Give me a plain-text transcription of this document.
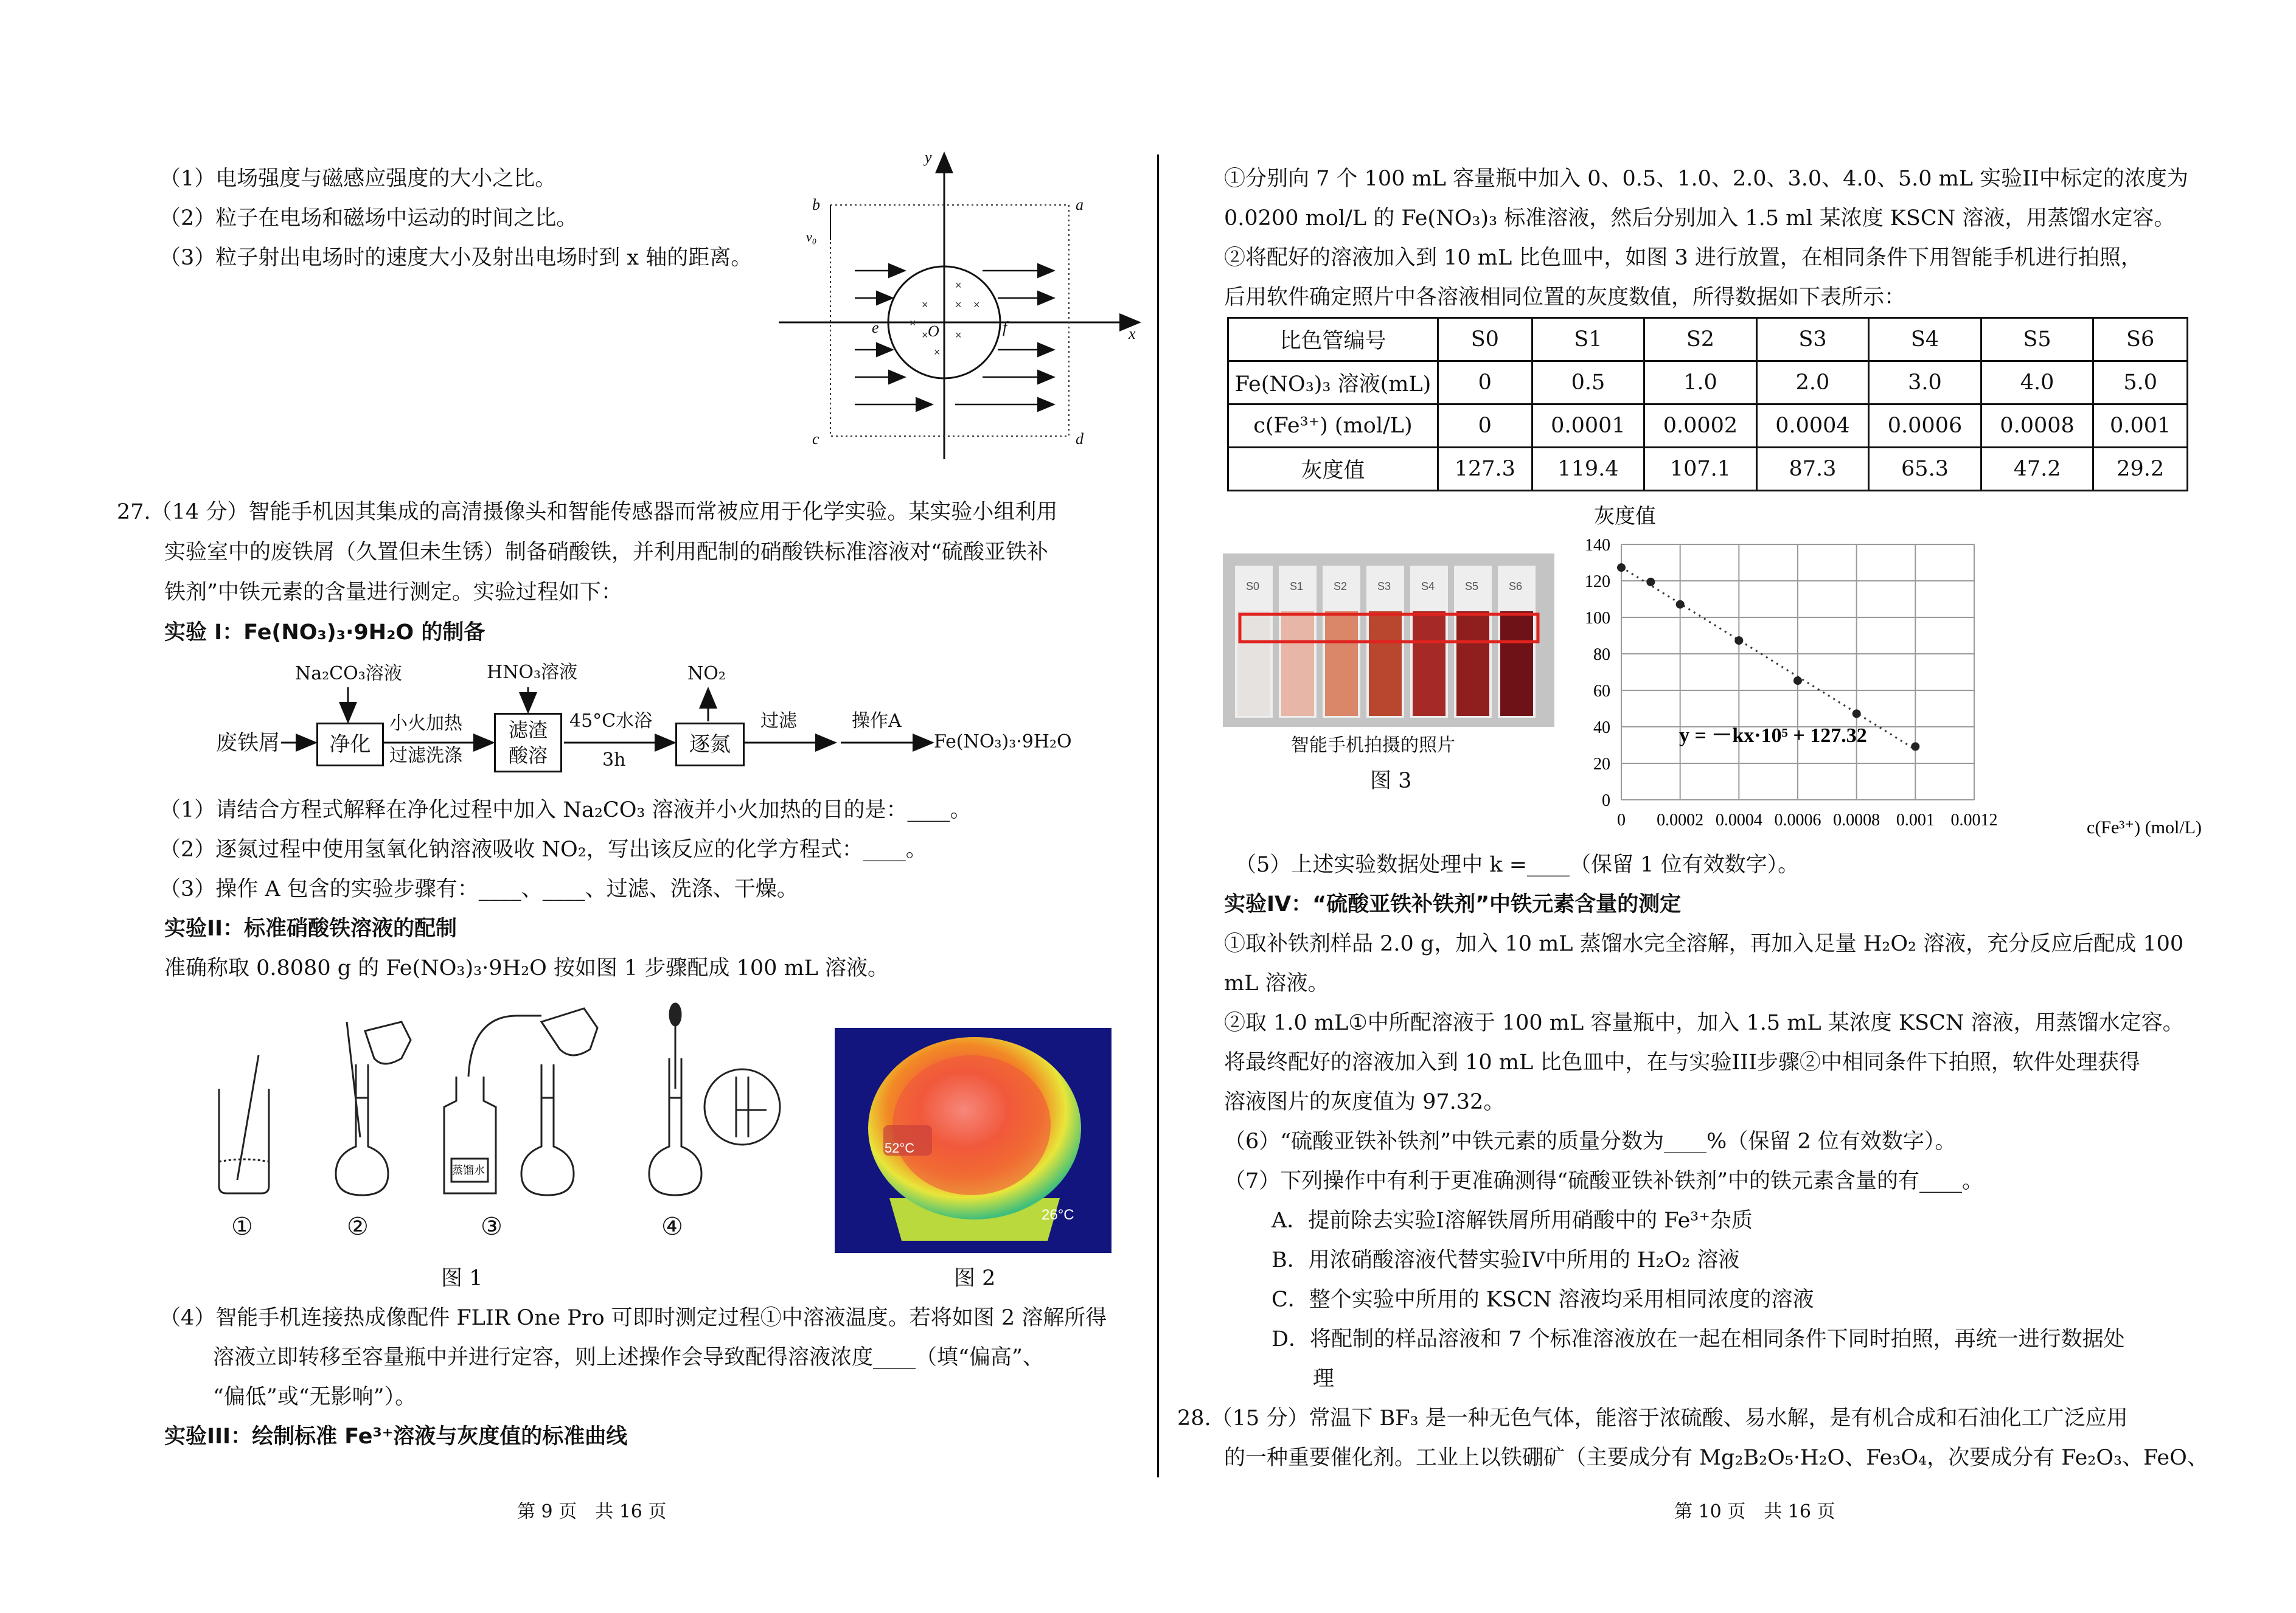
（1）电场强度与磁感应强度的大小之比。
（2）粒子在电场和磁场中运动的时间之比。
（3）粒子射出电场时的速度大小及射出电场时到 x 轴的距离。
×
× × ×
×
× ×
×
y
x
a
b
c	d
e	f
O
v₀
27.（14 分）智能手机因其集成的高清摄像头和智能传感器而常被应用于化学实验。某实验小组利用
实验室中的废铁屑（久置但未生锈）制备硝酸铁，并利用配制的硝酸铁标准溶液对“硫酸亚铁补
铁剂”中铁元素的含量进行测定。实验过程如下：
实验 I：Fe(NO₃)₃·9H₂O 的制备
废铁屑	净化
Na₂CO₃溶液
小火加热
过滤洗涤
滤渣酸溶
HNO₃溶液
45°C水浴
3h
逐氮
NO₂
过滤	操作A
Fe(NO₃)₃·9H₂O
（1）请结合方程式解释在净化过程中加入 Na₂CO₃ 溶液并小火加热的目的是：____。
（2）逐氮过程中使用氢氧化钠溶液吸收 NO₂，写出该反应的化学方程式：____。
（3）操作 A 包含的实验步骤有：____、____、过滤、洗涤、干燥。
实验II：标准硝酸铁溶液的配制
准确称取 0.8080 g 的 Fe(NO₃)₃·9H₂O 按如图 1 步骤配成 100 mL 溶液。
蒸馏水
①	②	③	④
52°C
26°C
图 1	图 2
（4）智能手机连接热成像配件 FLIR One Pro 可即时测定过程①中溶液温度。若将如图 2 溶解所得
溶液立即转移至容量瓶中并进行定容，则上述操作会导致配得溶液浓度____（填“偏高”、
“偏低”或“无影响”）。
实验III：绘制标准 Fe³⁺溶液与灰度值的标准曲线
第 9 页　共 16 页
①分别向 7 个 100 mL 容量瓶中加入 0、0.5、1.0、2.0、3.0、4.0、5.0 mL 实验II中标定的浓度为
0.0200 mol/L 的 Fe(NO₃)₃ 标准溶液，然后分别加入 1.5 ml 某浓度 KSCN 溶液，用蒸馏水定容。
②将配好的溶液加入到 10 mL 比色皿中，如图 3 进行放置，在相同条件下用智能手机进行拍照，
后用软件确定照片中各溶液相同位置的灰度数值，所得数据如下表所示：
比色管编号	S0	S1	S2	S3	S4	S5	S6
Fe(NO₃)₃ 溶液(mL)	0	0.5	1.0	2.0	3.0	4.0	5.0
c(Fe³⁺) (mol/L)	0	0.0001	0.0002	0.0004	0.0006	0.0008	0.001
灰度值	127.3	119.4	107.1	87.3	65.3	47.2	29.2
S0	S1	S2	S3	S4	S5	S6
智能手机拍摄的照片
图 3
0
20
40
60
80
100
120
140
0 0.0002 0.0004 0.0006 0.0008 0.001 0.0012
灰度值
c(Fe³⁺) (mol/L)
y = －kx·10⁵ + 127.32
（5）上述实验数据处理中 k =____（保留 1 位有效数字）。
实验IV：“硫酸亚铁补铁剂”中铁元素含量的测定
①取补铁剂样品 2.0 g，加入 10 mL 蒸馏水完全溶解，再加入足量 H₂O₂ 溶液，充分反应后配成 100
mL 溶液。
②取 1.0 mL①中所配溶液于 100 mL 容量瓶中，加入 1.5 mL 某浓度 KSCN 溶液，用蒸馏水定容。
将最终配好的溶液加入到 10 mL 比色皿中，在与实验III步骤②中相同条件下拍照，软件处理获得
溶液图片的灰度值为 97.32。
（6）“硫酸亚铁补铁剂”中铁元素的质量分数为____%（保留 2 位有效数字）。
（7）下列操作中有利于更准确测得“硫酸亚铁补铁剂”中的铁元素含量的有____。
A．提前除去实验I溶解铁屑所用硝酸中的 Fe³⁺杂质
B．用浓硝酸溶液代替实验IV中所用的 H₂O₂ 溶液
C．整个实验中所用的 KSCN 溶液均采用相同浓度的溶液
D．将配制的样品溶液和 7 个标准溶液放在一起在相同条件下同时拍照，再统一进行数据处
理
28.（15 分）常温下 BF₃ 是一种无色气体，能溶于浓硫酸、易水解，是有机合成和石油化工广泛应用
的一种重要催化剂。工业上以铁硼矿（主要成分有 Mg₂B₂O₅·H₂O、Fe₃O₄，次要成分有 Fe₂O₃、FeO、
第 10 页　共 16 页
